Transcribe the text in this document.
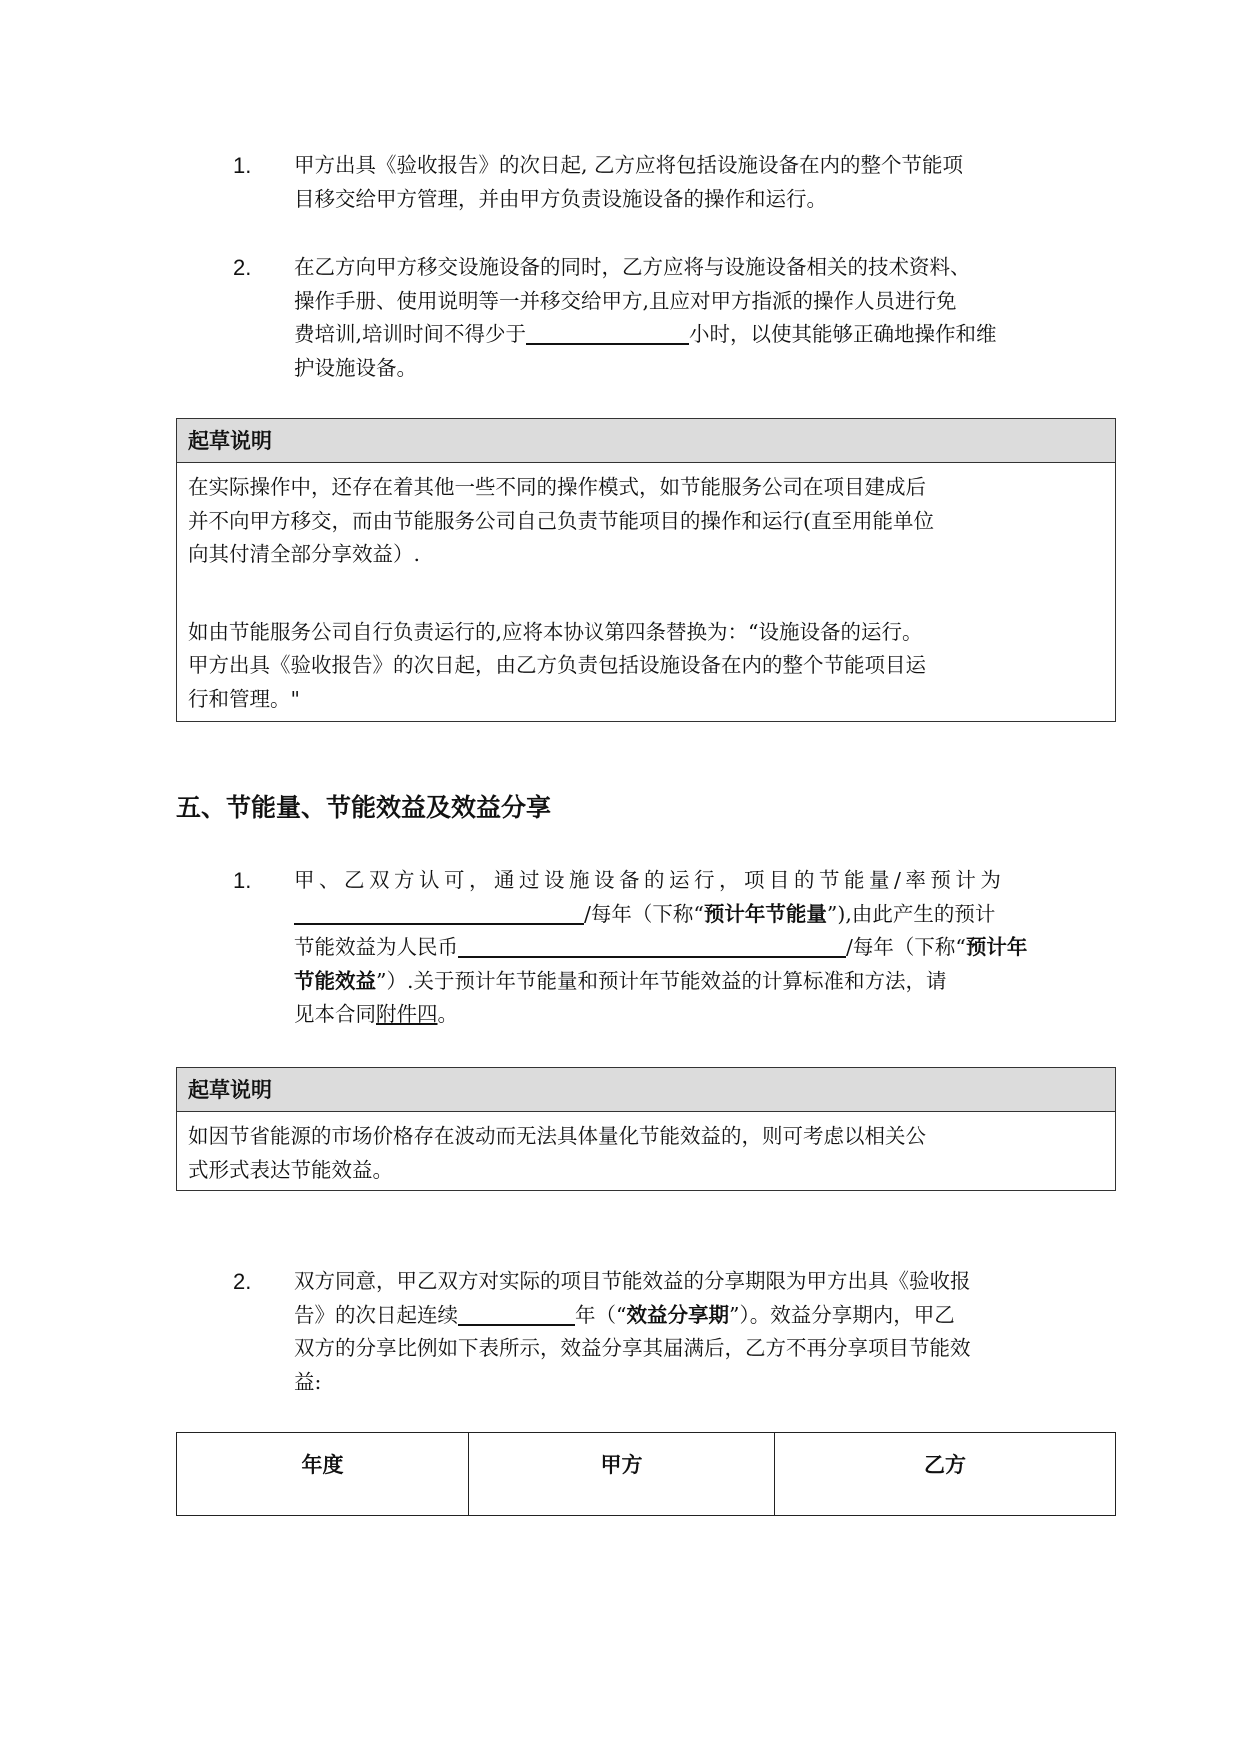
1. 甲方出具《验收报告》的次日起, 乙方应将包括设施设备在内的整个节能项
目移交给甲方管理，并由甲方负责设施设备的操作和运行。
2. 在乙方向甲方移交设施设备的同时，乙方应将与设施设备相关的技术资料、
操作手册、使用说明等一并移交给甲方,且应对甲方指派的操作人员进行免
费培训,培训时间不得少于	小时，以使其能够正确地操作和维
护设施设备。
起草说明
在实际操作中，还存在着其他一些不同的操作模式，如节能服务公司在项目建成后
并不向甲方移交，而由节能服务公司自己负责节能项目的操作和运行(直至用能单位
向其付清全部分享效益）.
如由节能服务公司自行负责运行的,应将本协议第四条替换为：“设施设备的运行。
甲方出具《验收报告》的次日起，由乙方负责包括设施设备在内的整个节能项目运
行和管理。"
五、节能量、节能效益及效益分享
1. 甲、乙双方认可，通过设施设备的运行，项目的节能量/率预计为
/每年（下称“预计年节能量”),由此产生的预计
节能效益为人民币	/每年（下称“预计年
节能效益”）.关于预计年节能量和预计年节能效益的计算标准和方法，请
见本合同附件四。
起草说明
如因节省能源的市场价格存在波动而无法具体量化节能效益的，则可考虑以相关公
式形式表达节能效益。
2. 双方同意，甲乙双方对实际的项目节能效益的分享期限为甲方出具《验收报
告》的次日起连续	年（“效益分享期”）。效益分享期内，甲乙
双方的分享比例如下表所示，效益分享其届满后，乙方不再分享项目节能效
益:
年度	甲方	乙方
